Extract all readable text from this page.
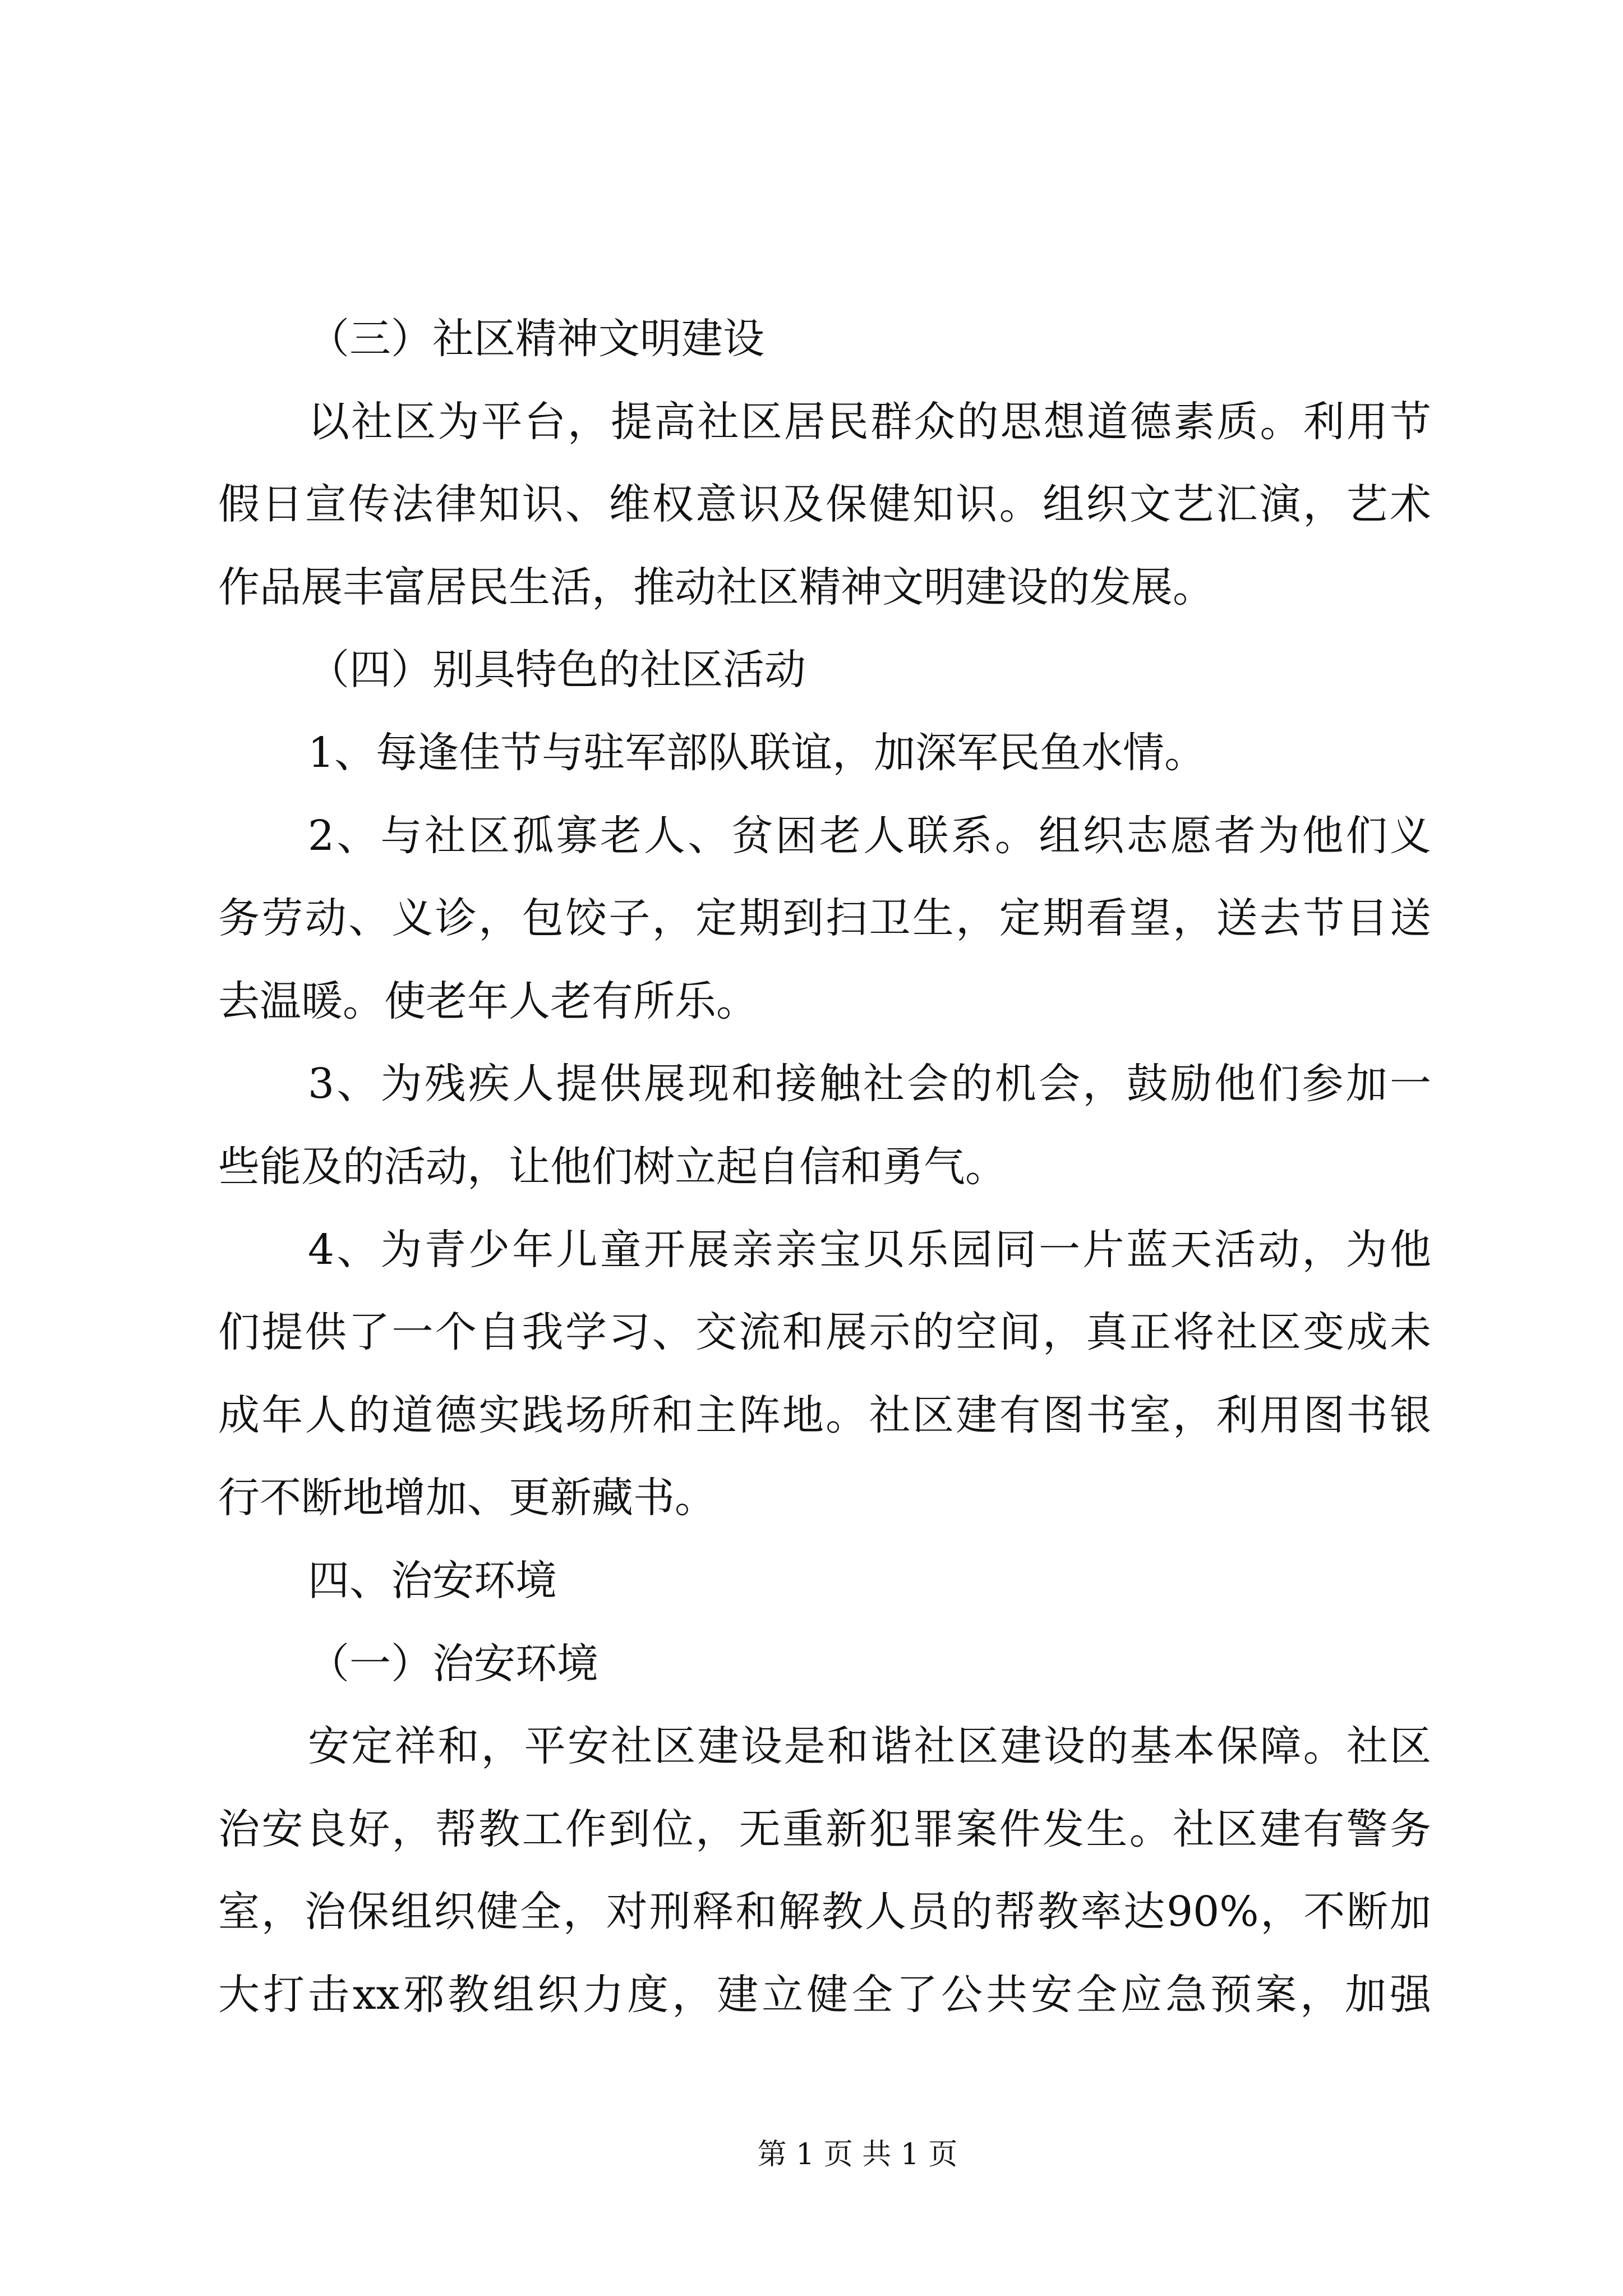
（三）社区精神文明建设
以社区为平台，提高社区居民群众的思想道德素质。利用节
假日宣传法律知识、维权意识及保健知识。组织文艺汇演，艺术
作品展丰富居民生活，推动社区精神文明建设的发展。
（四）别具特色的社区活动
1、每逢佳节与驻军部队联谊，加深军民鱼水情。
2、与社区孤寡老人、贫困老人联系。组织志愿者为他们义
务劳动、义诊，包饺子，定期到扫卫生，定期看望，送去节目送
去温暖。使老年人老有所乐。
3、为残疾人提供展现和接触社会的机会，鼓励他们参加一
些能及的活动，让他们树立起自信和勇气。
4、为青少年儿童开展亲亲宝贝乐园同一片蓝天活动，为他
们提供了一个自我学习、交流和展示的空间，真正将社区变成未
成年人的道德实践场所和主阵地。社区建有图书室，利用图书银
行不断地增加、更新藏书。
四、治安环境
（一）治安环境
安定祥和，平安社区建设是和谐社区建设的基本保障。社区
治安良好，帮教工作到位，无重新犯罪案件发生。社区建有警务
室，治保组织健全，对刑释和解教人员的帮教率达90%，不断加
大打击xx邪教组织力度，建立健全了公共安全应急预案，加强
第 1 页 共 1 页
